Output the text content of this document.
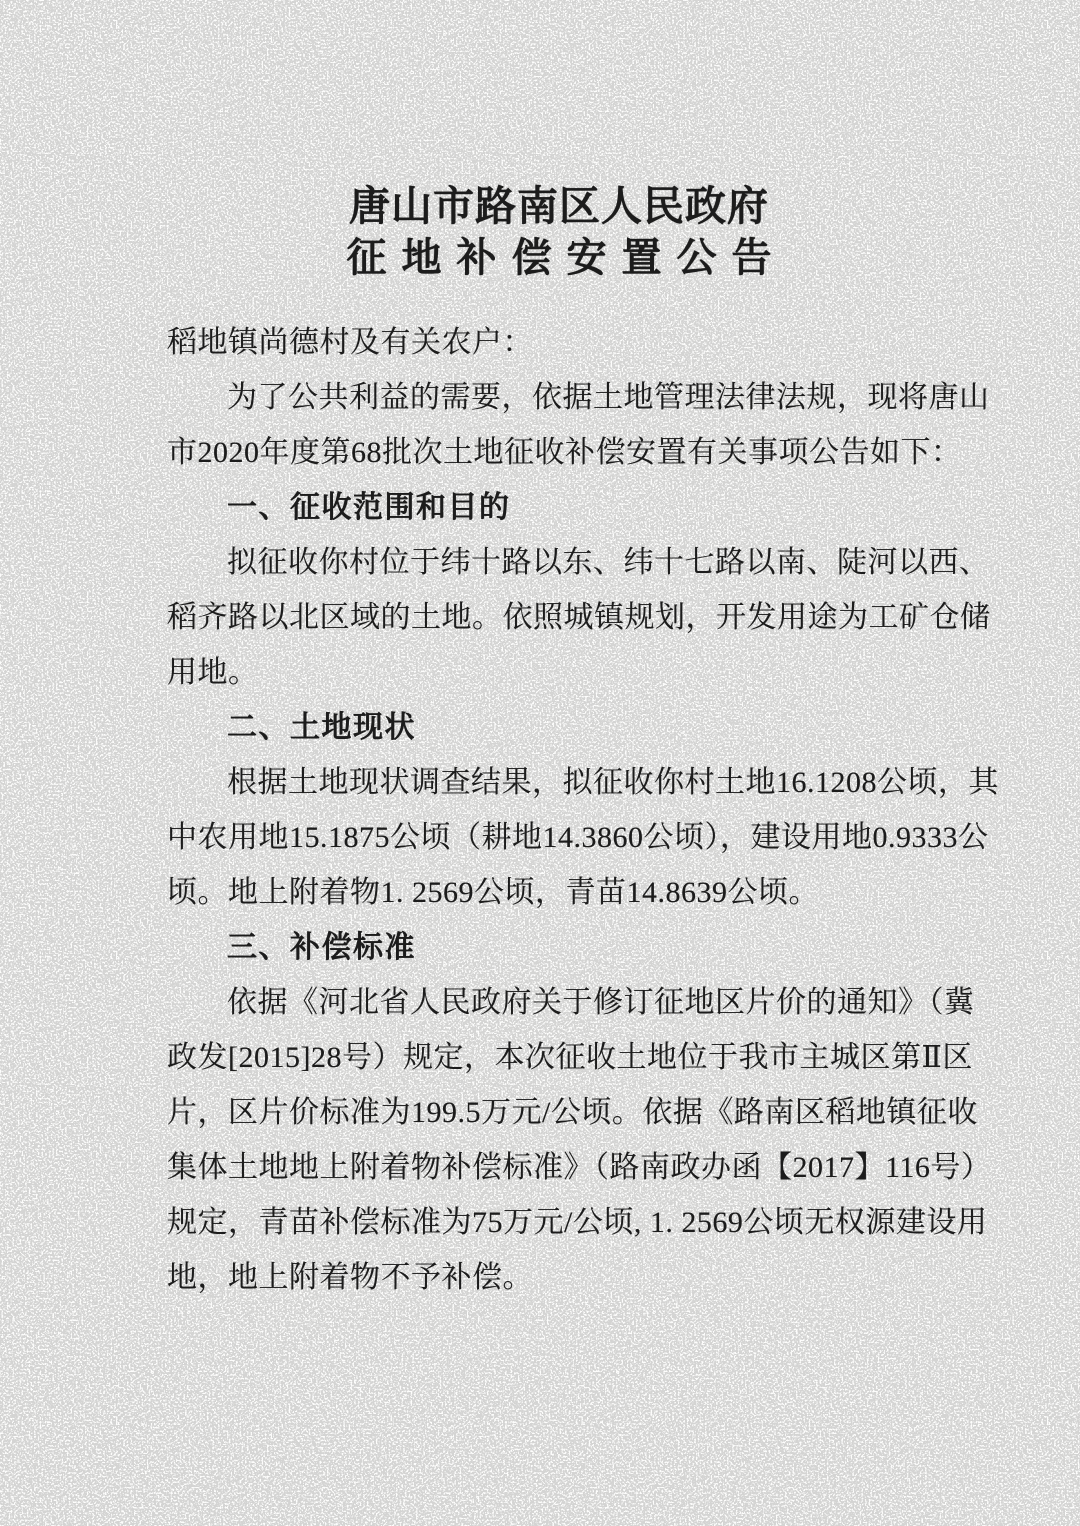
唐山市路南区人民政府
征地补偿安置公告
稻地镇尚德村及有关农户：
为了公共利益的需要，依据土地管理法律法规，现将唐山
市2020年度第68批次土地征收补偿安置有关事项公告如下：
一、征收范围和目的
拟征收你村位于纬十路以东、纬十七路以南、陡河以西、
稻齐路以北区域的土地。依照城镇规划，开发用途为工矿仓储
用地。
二、土地现状
根据土地现状调查结果，拟征收你村土地16.1208公顷，其
中农用地15.1875公顷（耕地14.3860公顷），建设用地0.9333公
顷。地上附着物1. 2569公顷，青苗14.8639公顷。
三、补偿标准
依据《河北省人民政府关于修订征地区片价的通知》（冀
政发[2015]28号）规定，本次征收土地位于我市主城区第Ⅱ区
片，区片价标准为199.5万元/公顷。依据《路南区稻地镇征收
集体土地地上附着物补偿标准》（路南政办函【2017】116号）
规定，青苗补偿标准为75万元/公顷, 1. 2569公顷无权源建设用
地，地上附着物不予补偿。
